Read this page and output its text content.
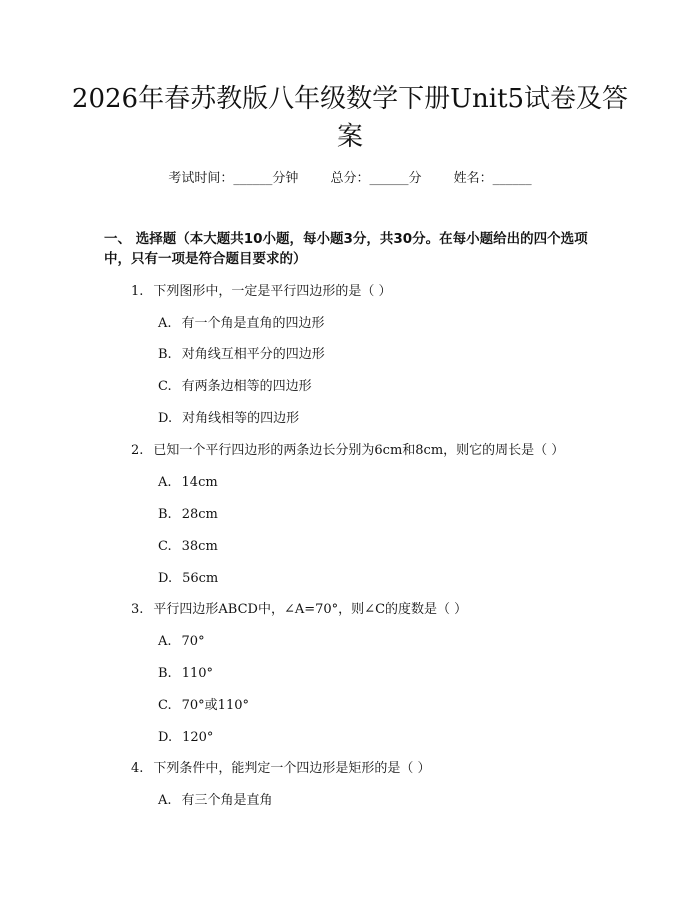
2026年春苏教版八年级数学下册Unit5试卷及答案
考试时间：______分钟 总分：______分 姓名：______
一、 选择题（本大题共10小题，每小题3分，共30分。在每小题给出的四个选项中，只有一项是符合题目要求的）
1. 下列图形中，一定是平行四边形的是（ ）
A. 有一个角是直角的四边形
B. 对角线互相平分的四边形
C. 有两条边相等的四边形
D. 对角线相等的四边形
2. 已知一个平行四边形的两条边长分别为6cm和8cm，则它的周长是（ ）
A. 14cm
B. 28cm
C. 38cm
D. 56cm
3. 平行四边形ABCD中，∠A=70°，则∠C的度数是（ ）
A. 70°
B. 110°
C. 70°或110°
D. 120°
4. 下列条件中，能判定一个四边形是矩形的是（ ）
A. 有三个角是直角
